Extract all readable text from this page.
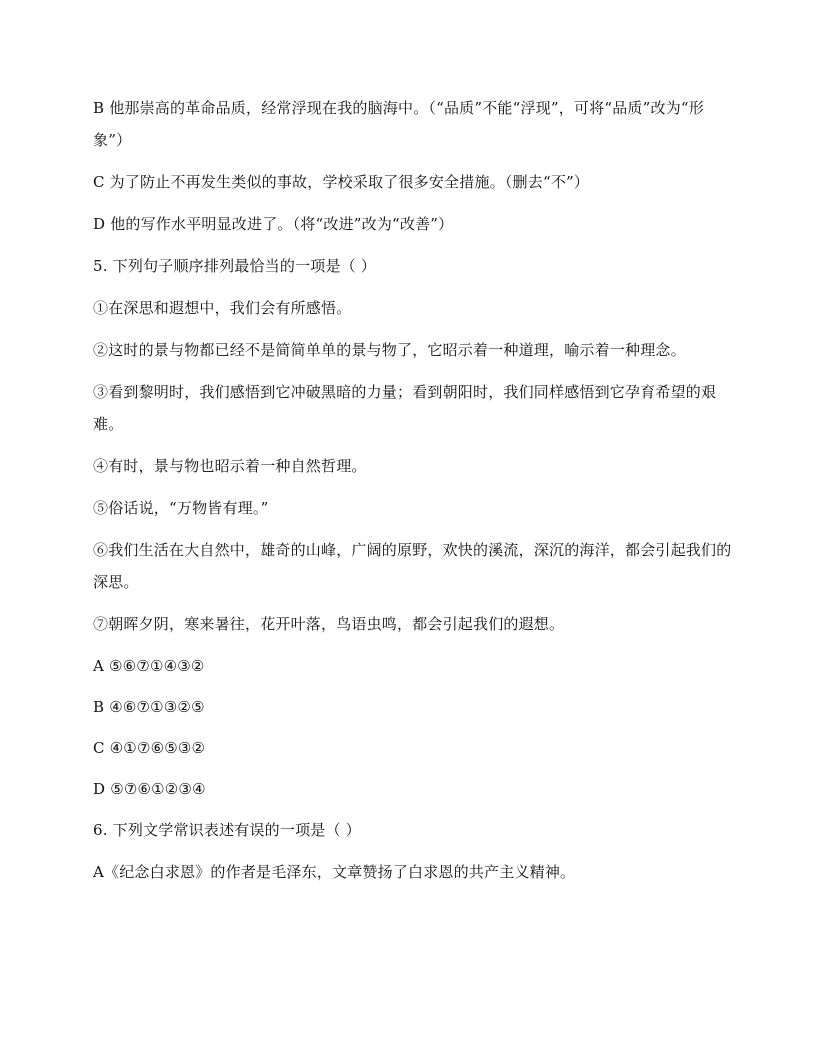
B 他那崇高的革命品质，经常浮现在我的脑海中。（“品质”不能“浮现”，可将“品质”改为“形象”）

C 为了防止不再发生类似的事故，学校采取了很多安全措施。（删去“不”）

D 他的写作水平明显改进了。（将“改进”改为“改善”）

5. 下列句子顺序排列最恰当的一项是（ ）

①在深思和遐想中，我们会有所感悟。

②这时的景与物都已经不是简简单单的景与物了，它昭示着一种道理，喻示着一种理念。

③看到黎明时，我们感悟到它冲破黑暗的力量；看到朝阳时，我们同样感悟到它孕育希望的艰难。

④有时，景与物也昭示着一种自然哲理。

⑤俗话说，“万物皆有理。”

⑥我们生活在大自然中，雄奇的山峰，广阔的原野，欢快的溪流，深沉的海洋，都会引起我们的深思。

⑦朝晖夕阴，寒来暑往，花开叶落，鸟语虫鸣，都会引起我们的遐想。

A ⑤⑥⑦①④③②

B ④⑥⑦①③②⑤

C ④①⑦⑥⑤③②

D ⑤⑦⑥①②③④

6. 下列文学常识表述有误的一项是（ ）

A《纪念白求恩》的作者是毛泽东，文章赞扬了白求恩的共产主义精神。
